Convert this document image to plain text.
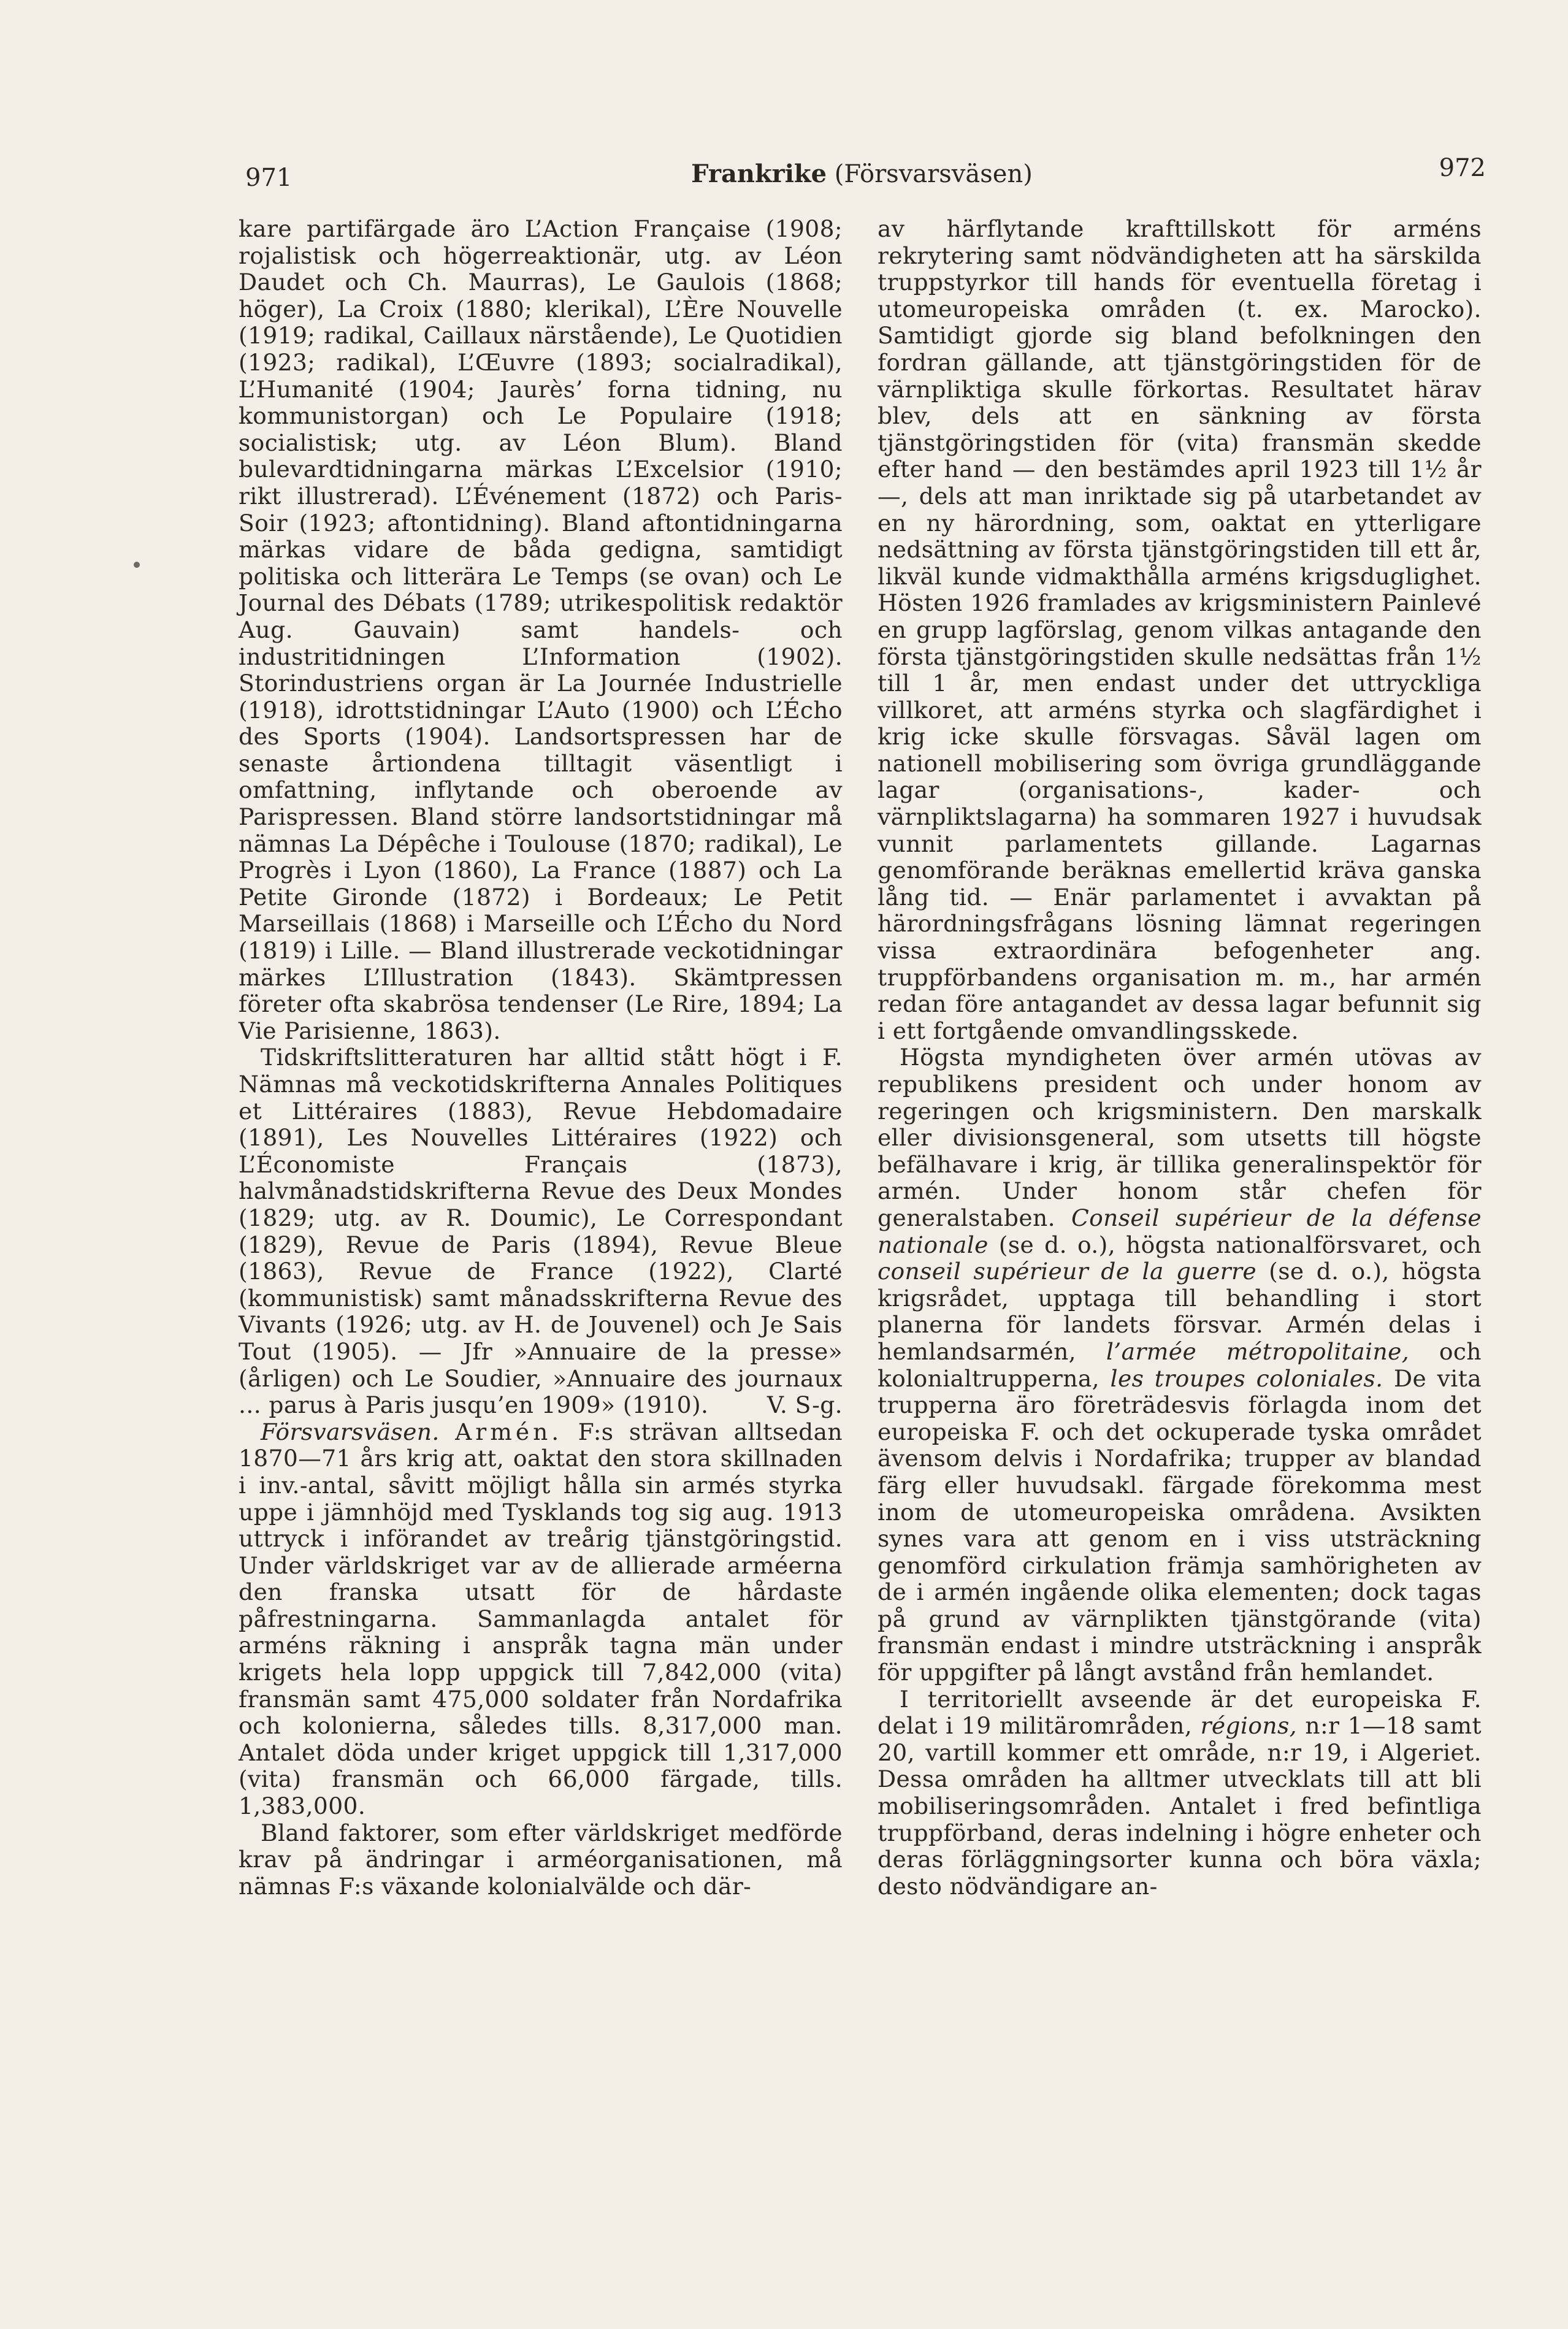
971	Frankrike (Försvarsväsen)	972

kare partifärgade äro L’Action Française (1908; rojalistisk och högerreaktionär, utg. av Léon Daudet och Ch. Maurras), Le Gaulois (1868; höger), La Croix (1880; klerikal), L’Ère Nouvelle (1919; radikal, Caillaux närstående), Le Quotidien (1923; radikal), L’Œuvre (1893; socialradikal), L’Humanité (1904; Jaurès’ forna tidning, nu kommunistorgan) och Le Populaire (1918; socialistisk; utg. av Léon Blum). Bland bulevardtidningarna märkas L’Excelsior (1910; rikt illustrerad). L’Événement (1872) och Paris-Soir (1923; aftontidning). Bland aftontidningarna märkas vidare de båda gedigna, samtidigt politiska och litterära Le Temps (se ovan) och Le Journal des Débats (1789; utrikespolitisk redaktör Aug. Gauvain) samt handels- och industritidningen L’Information (1902). Storindustriens organ är La Journée Industrielle (1918), idrottstidningar L’Auto (1900) och L’Écho des Sports (1904). Landsortspressen har de senaste årtiondena tilltagit väsentligt i omfattning, inflytande och oberoende av Parispressen. Bland större landsortstidningar må nämnas La Dépêche i Toulouse (1870; radikal), Le Progrès i Lyon (1860), La France (1887) och La Petite Gironde (1872) i Bordeaux; Le Petit Marseillais (1868) i Marseille och L’Écho du Nord (1819) i Lille. — Bland illustrerade veckotidningar märkes L’Illustration (1843). Skämtpressen företer ofta skabrösa tendenser (Le Rire, 1894; La Vie Parisienne, 1863).

Tidskriftslitteraturen har alltid stått högt i F. Nämnas må veckotidskrifterna Annales Politiques et Littéraires (1883), Revue Hebdomadaire (1891), Les Nouvelles Littéraires (1922) och L’Économiste Français (1873), halvmånadstidskrifterna Revue des Deux Mondes (1829; utg. av R. Doumic), Le Correspondant (1829), Revue de Paris (1894), Revue Bleue (1863), Revue de France (1922), Clarté (kommunistisk) samt månadsskrifterna Revue des Vivants (1926; utg. av H. de Jouvenel) och Je Sais Tout (1905). — Jfr »Annuaire de la presse» (årligen) och Le Soudier, »Annuaire des journaux ... parus à Paris jusqu’en 1909» (1910).	V. S-g.

Försvarsväsen. Armén. F:s strävan alltsedan 1870—71 års krig att, oaktat den stora skillnaden i inv.-antal, såvitt möjligt hålla sin armés styrka uppe i jämnhöjd med Tysklands tog sig aug. 1913 uttryck i införandet av treårig tjänstgöringstid. Under världskriget var av de allierade arméerna den franska utsatt för de hårdaste påfrestningarna. Sammanlagda antalet för arméns räkning i anspråk tagna män under krigets hela lopp uppgick till 7,842,000 (vita) fransmän samt 475,000 soldater från Nordafrika och kolonierna, således tills. 8,317,000 man. Antalet döda under kriget uppgick till 1,317,000 (vita) fransmän och 66,000 färgade, tills. 1,383,000.

Bland faktorer, som efter världskriget medförde krav på ändringar i arméorganisationen, må nämnas F:s växande kolonialvälde och där-

av härflytande krafttillskott för arméns rekrytering samt nödvändigheten att ha särskilda truppstyrkor till hands för eventuella företag i utomeuropeiska områden (t. ex. Marocko). Samtidigt gjorde sig bland befolkningen den fordran gällande, att tjänstgöringstiden för de värnpliktiga skulle förkortas. Resultatet härav blev, dels att en sänkning av första tjänstgöringstiden för (vita) fransmän skedde efter hand — den bestämdes april 1923 till 1½ år —, dels att man inriktade sig på utarbetandet av en ny härordning, som, oaktat en ytterligare nedsättning av första tjänstgöringstiden till ett år, likväl kunde vidmakthålla arméns krigsduglighet. Hösten 1926 framlades av krigsministern Painlevé en grupp lagförslag, genom vilkas antagande den första tjänstgöringstiden skulle nedsättas från 1½ till 1 år, men endast under det uttryckliga villkoret, att arméns styrka och slagfärdighet i krig icke skulle försvagas. Såväl lagen om nationell mobilisering som övriga grundläggande lagar (organisations-, kader- och värnpliktslagarna) ha sommaren 1927 i huvudsak vunnit parlamentets gillande. Lagarnas genomförande beräknas emellertid kräva ganska lång tid. — Enär parlamentet i avvaktan på härordningsfrågans lösning lämnat regeringen vissa extraordinära befogenheter ang. truppförbandens organisation m. m., har armén redan före antagandet av dessa lagar befunnit sig i ett fortgående omvandlingsskede.

Högsta myndigheten över armén utövas av republikens president och under honom av regeringen och krigsministern. Den marskalk eller divisionsgeneral, som utsetts till högste befälhavare i krig, är tillika generalinspektör för armén. Under honom står chefen för generalstaben. Conseil supérieur de la défense nationale (se d. o.), högsta nationalförsvaret, och conseil supérieur de la guerre (se d. o.), högsta krigsrådet, upptaga till behandling i stort planerna för landets försvar. Armén delas i hemlandsarmén, l’armée métropolitaine, och kolonialtrupperna, les troupes coloniales. De vita trupperna äro företrädesvis förlagda inom det europeiska F. och det ockuperade tyska området ävensom delvis i Nordafrika; trupper av blandad färg eller huvudsakl. färgade förekomma mest inom de utomeuropeiska områdena. Avsikten synes vara att genom en i viss utsträckning genomförd cirkulation främja samhörigheten av de i armén ingående olika elementen; dock tagas på grund av värnplikten tjänstgörande (vita) fransmän endast i mindre utsträckning i anspråk för uppgifter på långt avstånd från hemlandet.

I territoriellt avseende är det europeiska F. delat i 19 militärområden, régions, n:r 1—18 samt 20, vartill kommer ett område, n:r 19, i Algeriet. Dessa områden ha alltmer utvecklats till att bli mobiliseringsområden. Antalet i fred befintliga truppförband, deras indelning i högre enheter och deras förläggningsorter kunna och böra växla; desto nödvändigare an-
